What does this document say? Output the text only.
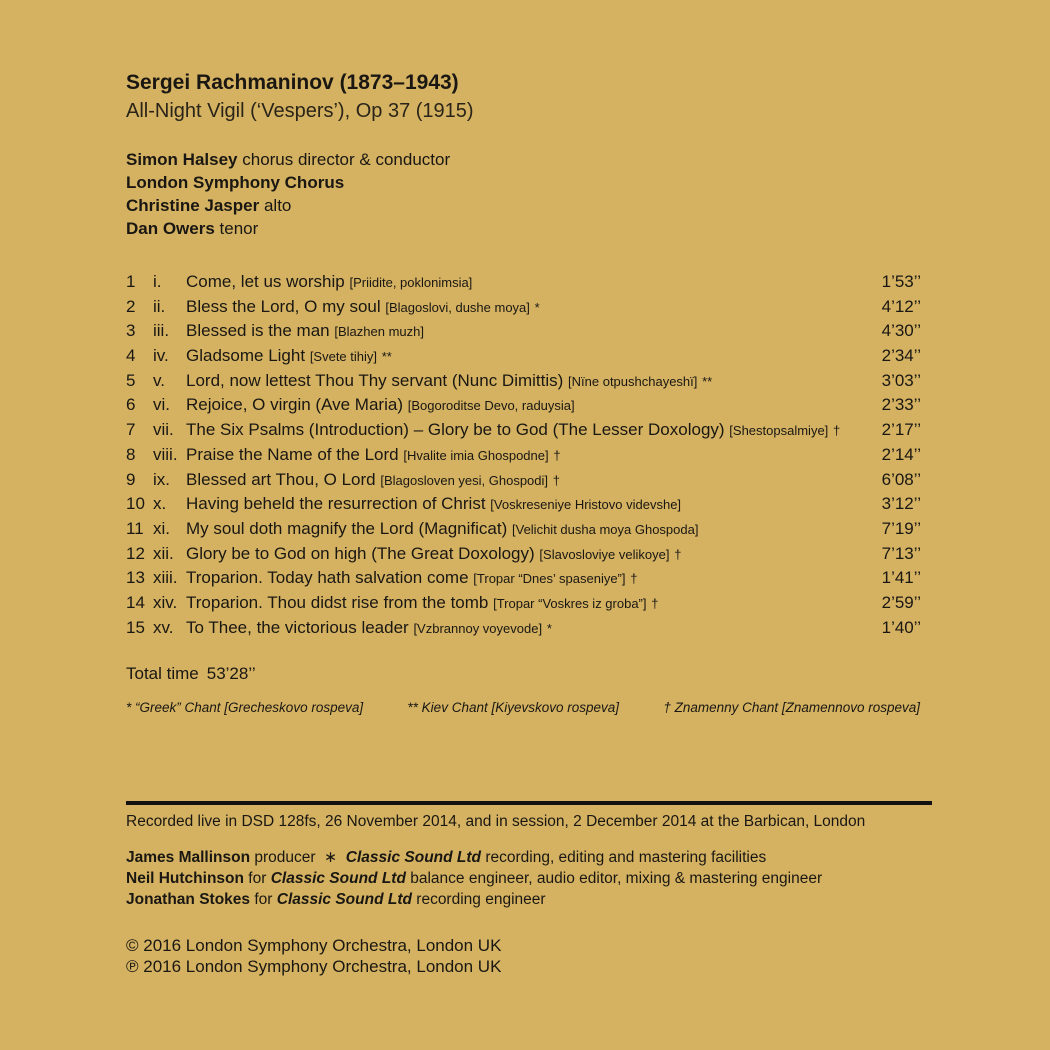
Sergei Rachmaninov (1873–1943)
All-Night Vigil (‘Vespers’), Op 37 (1915)
Simon Halsey chorus director & conductor
London Symphony Chorus
Christine Jasper alto
Dan Owers tenor
1	i.	Come, let us worship [Priidite, poklonimsia]	1’53’’
2	ii.	Bless the Lord, O my soul [Blagoslovi, dushe moya] *	4’12’’
3	iii.	Blessed is the man [Blazhen muzh]	4’30’’
4	iv.	Gladsome Light [Svete tihiy] **	2’34’’
5	v.	Lord, now lettest Thou Thy servant (Nunc Dimittis) [Nïne otpushchayeshï] **	3’03’’
6	vi.	Rejoice, O virgin (Ave Maria) [Bogoroditse Devo, raduysia]	2’33’’
7	vii.	The Six Psalms (Introduction) – Glory be to God (The Lesser Doxology) [Shestopsalmiye] †	2’17’’
8	viii.	Praise the Name of the Lord [Hvalite imia Ghospodne] †	2’14’’
9	ix.	Blessed art Thou, O Lord [Blagosloven yesi, Ghospodi] †	6’08’’
10	x.	Having beheld the resurrection of Christ [Voskreseniye Hristovo videvshe]	3’12’’
11	xi.	My soul doth magnify the Lord (Magnificat) [Velichit dusha moya Ghospoda]	7’19’’
12	xii.	Glory be to God on high (The Great Doxology) [Slavosloviye velikoye] †	7’13’’
13	xiii.	Troparion. Today hath salvation come [Tropar “Dnes’ spaseniye”] †	1’41’’
14	xiv.	Troparion. Thou didst rise from the tomb [Tropar “Voskres iz groba”] †	2’59’’
15	xv.	To Thee, the victorious leader [Vzbrannoy voyevode] *	1’40’’
Total time 53’28’’
* “Greek” Chant [Grecheskovo rospeva]	** Kiev Chant [Kiyevskovo rospeva]	† Znamenny Chant [Znamennovo rospeva]
Recorded live in DSD 128fs, 26 November 2014, and in session, 2 December 2014 at the Barbican, London
James Mallinson producer ∗ Classic Sound Ltd recording, editing and mastering facilities
Neil Hutchinson for Classic Sound Ltd balance engineer, audio editor, mixing & mastering engineer
Jonathan Stokes for Classic Sound Ltd recording engineer
© 2016 London Symphony Orchestra, London UK
℗ 2016 London Symphony Orchestra, London UK
